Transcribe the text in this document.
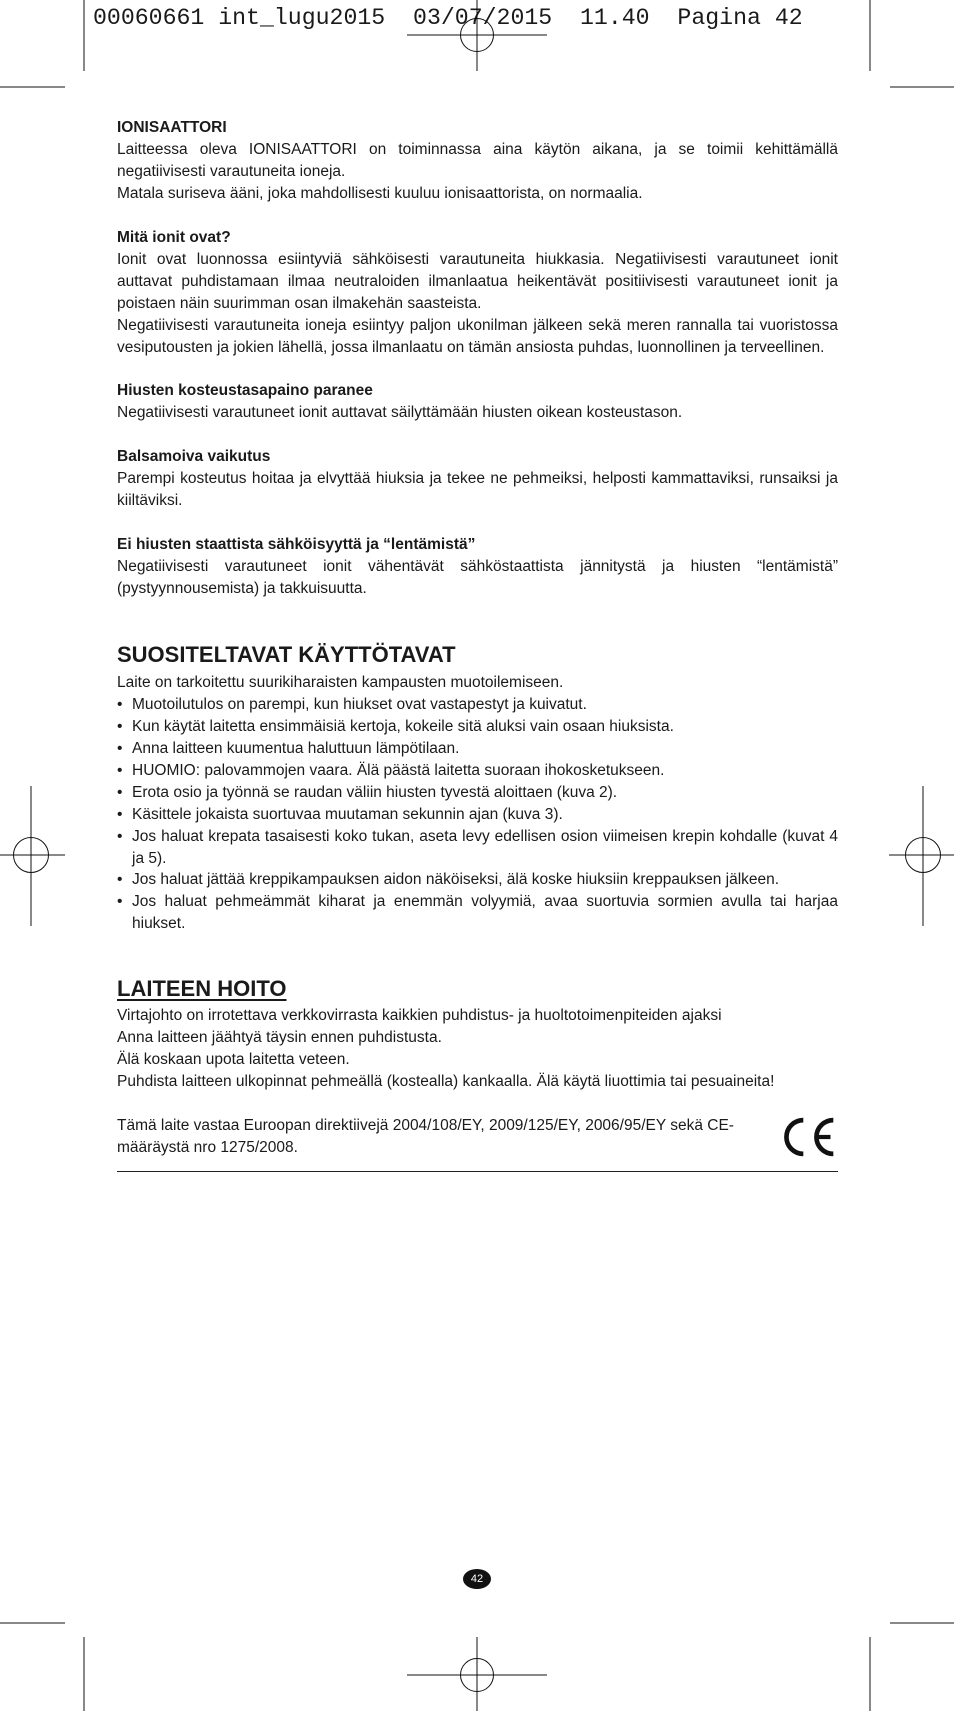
00060661 int_lugu2015  03/07/2015  11.40  Pagina 42
IONISAATTORI

Laitteessa oleva IONISAATTORI on toiminnassa aina käytön aikana, ja se toimii kehittämällä negatiivisesti varautuneita ioneja.

Matala suriseva ääni, joka mahdollisesti kuuluu ionisaattorista, on normaalia.

Mitä ionit ovat?

Ionit ovat luonnossa esiintyviä sähköisesti varautuneita hiukkasia. Negatiivisesti varautuneet ionit auttavat puhdistamaan ilmaa neutraloiden ilmanlaatua heikentävät positiivisesti varautuneet ionit ja poistaen näin suurimman osan ilmakehän saasteista.

Negatiivisesti varautuneita ioneja esiintyy paljon ukonilman jälkeen sekä meren rannalla tai vuoristossa vesiputousten ja jokien lähellä, jossa ilmanlaatu on tämän ansiosta puhdas, luonnollinen ja terveellinen.

Hiusten kosteustasapaino paranee

Negatiivisesti varautuneet ionit auttavat säilyttämään hiusten oikean kosteustason.

Balsamoiva vaikutus

Parempi kosteutus hoitaa ja elvyttää hiuksia ja tekee ne pehmeiksi, helposti kammattaviksi, runsaiksi ja kiiltäviksi.

Ei hiusten staattista sähköisyyttä ja “lentämistä”

Negatiivisesti varautuneet ionit vähentävät sähköstaattista jännitystä ja hiusten “lentämistä” (pystyynnousemista) ja takkuisuutta.

SUOSITELTAVAT KÄYTTÖTAVAT
Laite on tarkoitettu suurikiharaisten kampausten muotoilemiseen.
• Muotoilutulos on parempi, kun hiukset ovat vastapestyt ja kuivatut.
• Kun käytät laitetta ensimmäisiä kertoja, kokeile sitä aluksi vain osaan hiuksista.
• Anna laitteen kuumentua haluttuun lämpötilaan.
• HUOMIO: palovammojen vaara. Älä päästä laitetta suoraan ihokosketukseen.
• Erota osio ja työnnä se raudan väliin hiusten tyvestä aloittaen (kuva 2).
• Käsittele jokaista suortuvaa muutaman sekunnin ajan (kuva 3).
• Jos haluat krepata tasaisesti koko tukan, aseta levy edellisen osion viimeisen krepin kohdalle (kuvat 4 ja 5).
• Jos haluat jättää kreppikampauksen aidon näköiseksi, älä koske hiuksiin kreppauksen jälkeen.
• Jos haluat pehmeämmät kiharat ja enemmän volyymiä, avaa suortuvia sormien avulla tai harjaa hiukset.
LAITEEN HOITO
Virtajohto on irrotettava verkkovirrasta kaikkien puhdistus- ja huoltotoimenpiteiden ajaksi
Anna laitteen jäähtyä täysin ennen puhdistusta.
Älä koskaan upota laitetta veteen.
Puhdista laitteen ulkopinnat pehmeällä (kostealla) kankaalla. Älä käytä liuottimia tai pesuaineita!
Tämä laite vastaa Euroopan direktiivejä 2004/108/EY, 2009/125/EY, 2006/95/EY sekä CE-määräystä nro 1275/2008.
42
